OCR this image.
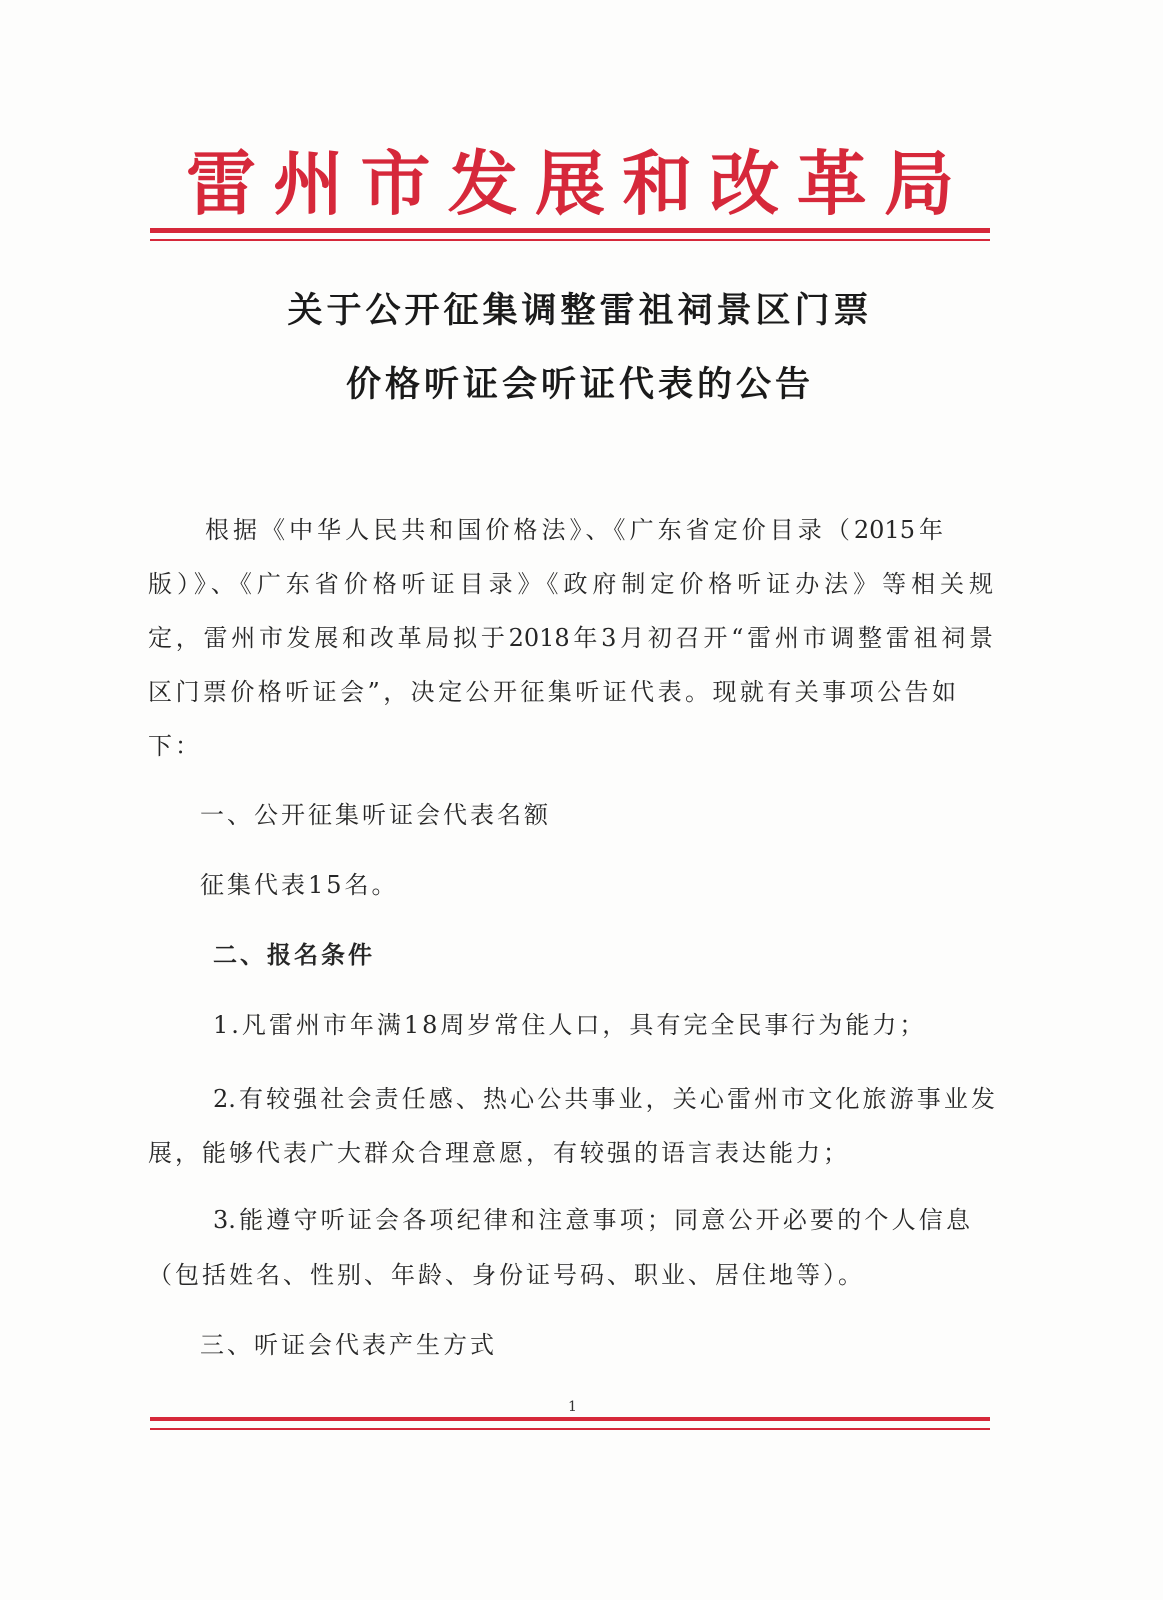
雷州市发展和改革局
关于公开征集调整雷祖祠景区门票
价格听证会听证代表的公告
根据《中华人民共和国价格法》、《广东省定价目录（2015年
版）》、《广东省价格听证目录》《政府制定价格听证办法》等相关规
定，雷州市发展和改革局拟于2018年3月初召开“雷州市调整雷祖祠景
区门票价格听证会”，决定公开征集听证代表。现就有关事项公告如
下：
一、公开征集听证会代表名额
征集代表15名。
二、报名条件
1.凡雷州市年满18周岁常住人口，具有完全民事行为能力；
2.有较强社会责任感、热心公共事业，关心雷州市文化旅游事业发
展，能够代表广大群众合理意愿，有较强的语言表达能力；
3.能遵守听证会各项纪律和注意事项；同意公开必要的个人信息
（包括姓名、性别、年龄、身份证号码、职业、居住地等）。
三、听证会代表产生方式
1
